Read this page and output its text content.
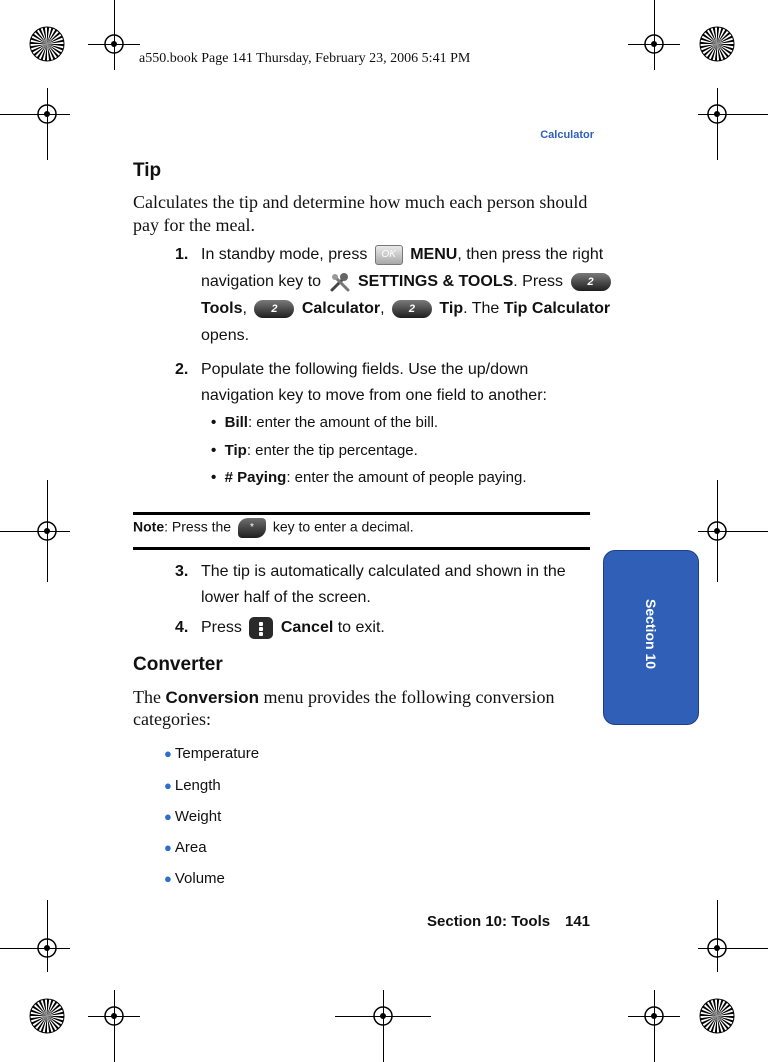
a550.book Page 141 Thursday, February 23, 2006 5:41 PM
Calculator
Section 10
Tip
Calculates the tip and determine how much each person should pay for the meal.
1. In standby mode, press OK MENU, then press the right
navigation key to SETTINGS & TOOLS. Press 2
Tools, 2 Calculator, 2 Tip. The Tip Calculator
opens.
2. Populate the following fields. Use the up/down
navigation key to move from one field to another:
• Bill: enter the amount of the bill.
• Tip: enter the tip percentage.
• # Paying: enter the amount of people paying.
Note: Press the * key to enter a decimal.
3. The tip is automatically calculated and shown in the
lower half of the screen.
4. Press Cancel to exit.
Converter
The Conversion menu provides the following conversion
categories:
● Temperature
● Length
● Weight
● Area
● Volume
Section 10: Tools 141
